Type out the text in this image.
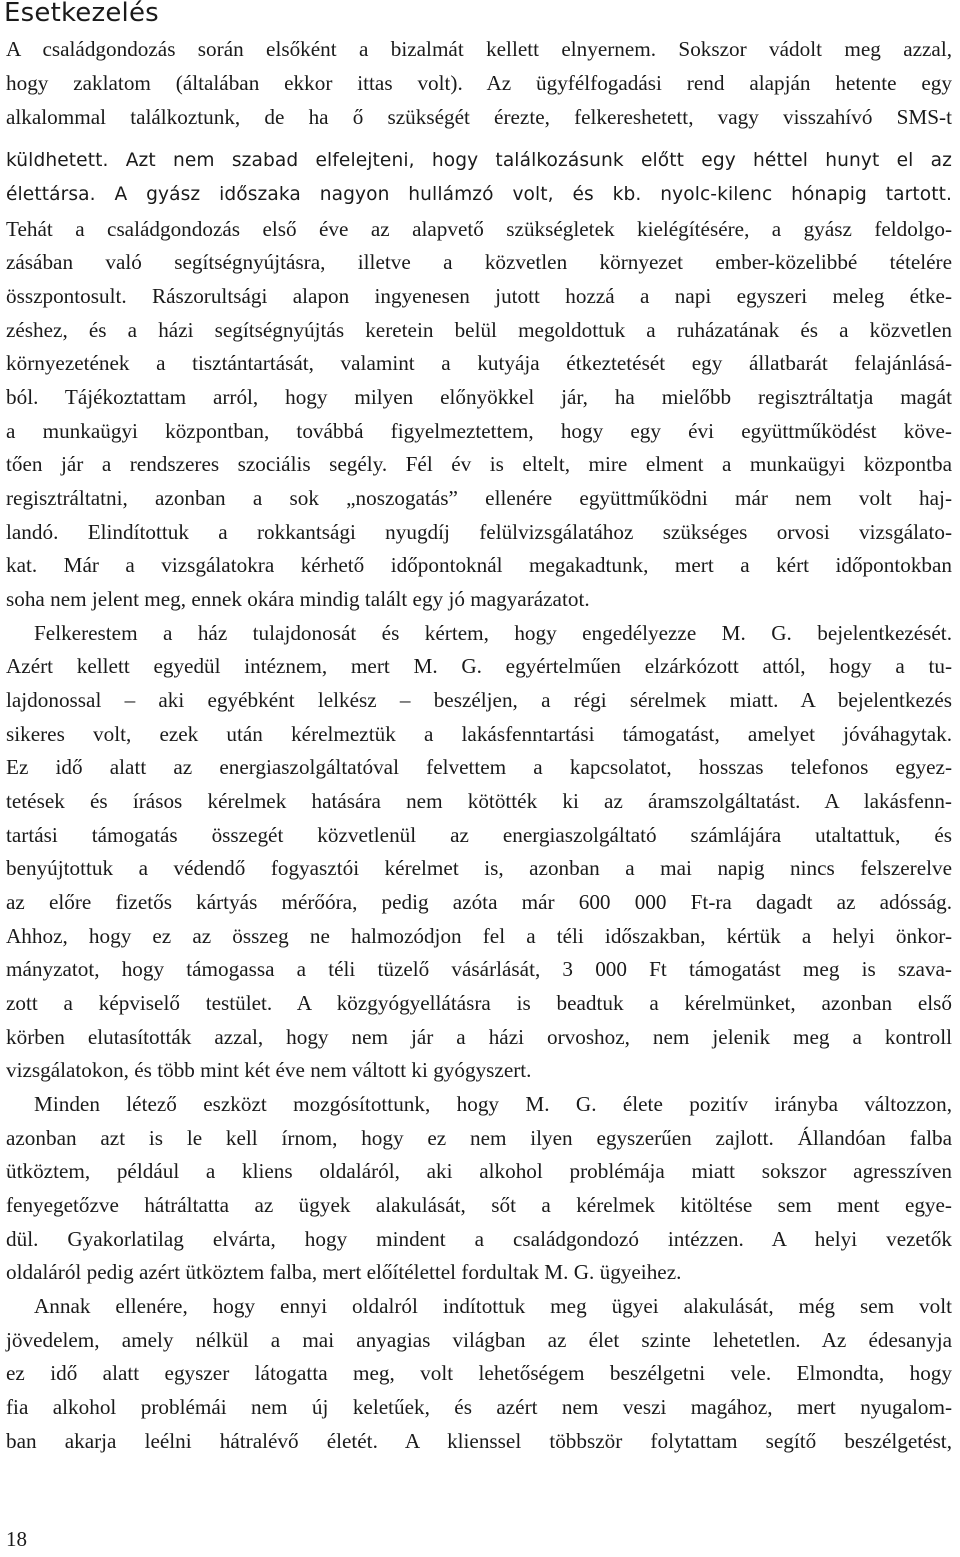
Esetkezelés
A családgondozás során elsőként a bizalmát kellett elnyernem. Sokszor vádolt meg azzal,
hogy zaklatom (általában ekkor ittas volt). Az ügyfélfogadási rend alapján hetente egy
alkalommal találkoztunk, de ha ő szükségét érezte, felkereshetett, vagy visszahívó SMS-t
küldhetett. Azt nem szabad elfelejteni, hogy találkozásunk előtt egy héttel hunyt el az
élettársa. A gyász időszaka nagyon hullámzó volt, és kb. nyolc-kilenc hónapig tartott.
Tehát a családgondozás első éve az alapvető szükségletek kielégítésére, a gyász feldolgo-
zásában való segítségnyújtásra, illetve a közvetlen környezet ember-közelibbé tételére
összpontosult. Rászorultsági alapon ingyenesen jutott hozzá a napi egyszeri meleg étke-
zéshez, és a házi segítségnyújtás keretein belül megoldottuk a ruházatának és a közvetlen
környezetének a tisztántartását, valamint a kutyája étkeztetését egy állatbarát felajánlásá-
ból. Tájékoztattam arról, hogy milyen előnyökkel jár, ha mielőbb regisztráltatja magát
a munkaügyi központban, továbbá figyelmeztettem, hogy egy évi együttműködést köve-
tően jár a rendszeres szociális segély. Fél év is eltelt, mire elment a munkaügyi központba
regisztráltatni, azonban a sok „noszogatás” ellenére együttműködni már nem volt haj-
landó. Elindítottuk a rokkantsági nyugdíj felülvizsgálatához szükséges orvosi vizsgálato-
kat. Már a vizsgálatokra kérhető időpontoknál megakadtunk, mert a kért időpontokban
soha nem jelent meg, ennek okára mindig talált egy jó magyarázatot.
Felkerestem a ház tulajdonosát és kértem, hogy engedélyezze M. G. bejelentkezését.
Azért kellett egyedül intéznem, mert M. G. egyértelműen elzárkózott attól, hogy a tu-
lajdonossal – aki egyébként lelkész – beszéljen, a régi sérelmek miatt. A bejelentkezés
sikeres volt, ezek után kérelmeztük a lakásfenntartási támogatást, amelyet jóváhagytak.
Ez idő alatt az energiaszolgáltatóval felvettem a kapcsolatot, hosszas telefonos egyez-
tetések és írásos kérelmek hatására nem kötötték ki az áramszolgáltatást. A lakásfenn-
tartási támogatás összegét közvetlenül az energiaszolgáltató számlájára utaltattuk, és
benyújtottuk a védendő fogyasztói kérelmet is, azonban a mai napig nincs felszerelve
az előre fizetős kártyás mérőóra, pedig azóta már 600 000 Ft-ra dagadt az adósság.
Ahhoz, hogy ez az összeg ne halmozódjon fel a téli időszakban, kértük a helyi önkor-
mányzatot, hogy támogassa a téli tüzelő vásárlását, 3 000 Ft támogatást meg is szava-
zott a képviselő testület. A közgyógyellátásra is beadtuk a kérelmünket, azonban első
körben elutasították azzal, hogy nem jár a házi orvoshoz, nem jelenik meg a kontroll
vizsgálatokon, és több mint két éve nem váltott ki gyógyszert.
Minden létező eszközt mozgósítottunk, hogy M. G. élete pozitív irányba változzon,
azonban azt is le kell írnom, hogy ez nem ilyen egyszerűen zajlott. Állandóan falba
ütköztem, például a kliens oldaláról, aki alkohol problémája miatt sokszor agresszíven
fenyegetőzve hátráltatta az ügyek alakulását, sőt a kérelmek kitöltése sem ment egye-
dül. Gyakorlatilag elvárta, hogy mindent a családgondozó intézzen. A helyi vezetők
oldaláról pedig azért ütköztem falba, mert előítélettel fordultak M. G. ügyeihez.
Annak ellenére, hogy ennyi oldalról indítottuk meg ügyei alakulását, még sem volt
jövedelem, amely nélkül a mai anyagias világban az élet szinte lehetetlen. Az édesanyja
ez idő alatt egyszer látogatta meg, volt lehetőségem beszélgetni vele. Elmondta, hogy
fia alkohol problémái nem új keletűek, és azért nem veszi magához, mert nyugalom-
ban akarja leélni hátralévő életét. A klienssel többször folytattam segítő beszélgetést,
18
